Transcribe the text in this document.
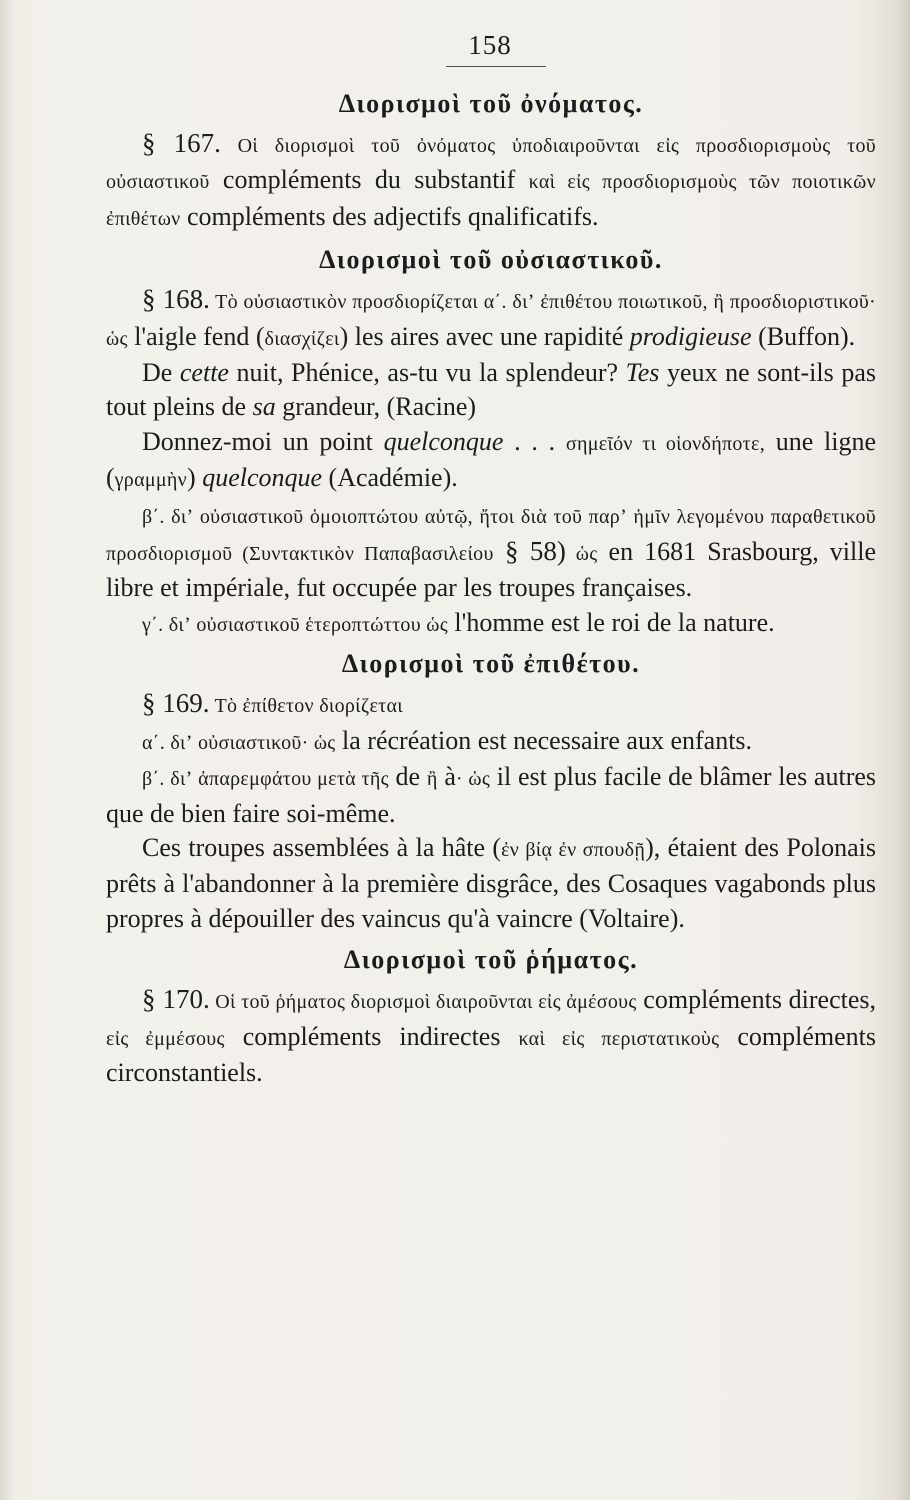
158
Διορισμοὶ τοῦ ὀνόματος.

§ 167. Οἱ διορισμοὶ τοῦ ὀνόματος ὑποδιαιροῦνται εἰς προσδιορισμοὺς τοῦ οὐσιαστικοῦ compléments du substantif καὶ εἰς προσδιορισμοὺς τῶν ποιοτικῶν ἐπιθέτων compléments des adjectifs qnalificatifs.

Διορισμοὶ τοῦ οὐσιαστικοῦ.

§ 168. Τὸ οὐσιαστικὸν προσδιορίζεται α΄. διʼ ἐπιθέτου ποιωτικοῦ, ἢ προσδιοριστικοῦ· ὡς l'aigle fend (διασχίζει) les aires avec une rapidité prodigieuse (Buffon).

De cette nuit, Phénice, as-tu vu la splendeur? Tes yeux ne sont-ils pas tout pleins de sa grandeur, (Racine)

Donnez-moi un point quelconque . . . σημεῖόν τι οἱονδήποτε, une ligne (γραμμὴν) quelconque (Académie).

β΄. διʼ οὐσιαστικοῦ ὁμοιοπτώτου αὐτῷ, ἤτοι διὰ τοῦ παρʼ ἡμῖν λεγομένου παραθετικοῦ προσδιορισμοῦ (Συντακτικὸν Παπαβασιλείου § 58) ὡς en 1681 Srasbourg, ville libre et impériale, fut occupée par les troupes françaises.

γ΄. διʼ οὐσιαστικοῦ ἑτεροπτώττου ὡς l'homme est le roi de la nature.

Διορισμοὶ τοῦ ἐπιθέτου.

§ 169. Τὸ ἐπίθετον διορίζεται

α΄. διʼ οὐσιαστικοῦ· ὡς la récréation est necessaire aux enfants.

β΄. διʼ ἀπαρεμφάτου μετὰ τῆς de ἢ à· ὡς il est plus facile de blâmer les autres que de bien faire soi-même.

Ces troupes assemblées à la hâte (ἐν βίᾳ ἐν σπουδῇ), étaient des Polonais prêts à l'abandonner à la première disgrâce, des Cosaques vagabonds plus propres à dépouiller des vaincus qu'à vaincre (Voltaire).

Διορισμοὶ τοῦ ῥήματος.

§ 170. Οἱ τοῦ ῥήματος διορισμοὶ διαιροῦνται εἰς ἀμέσους compléments directes, εἰς ἐμμέσους compléments indirectes καὶ εἰς περιστατικοὺς compléments circonstantiels.
